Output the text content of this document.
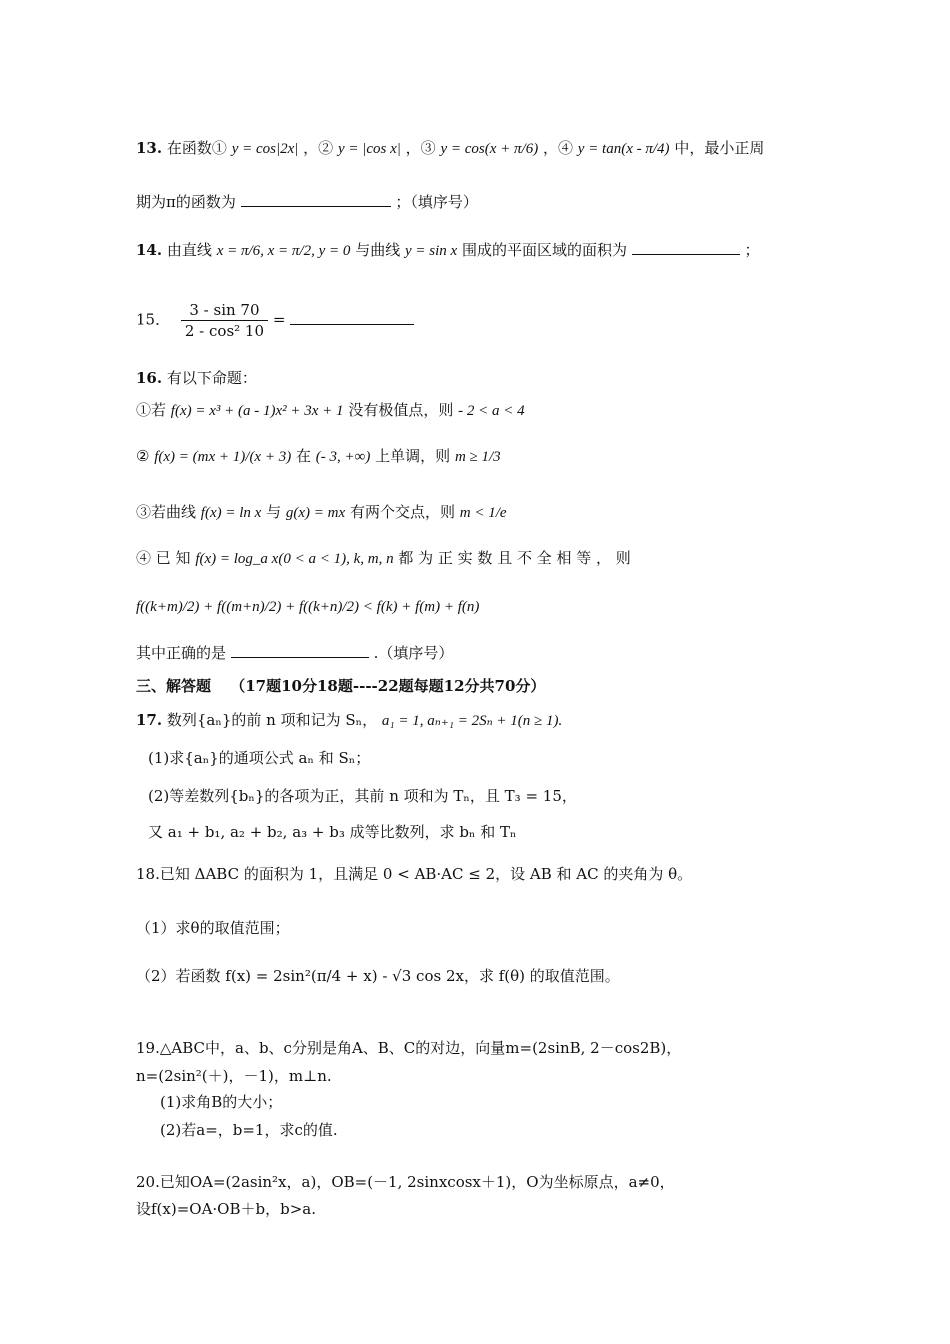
13. 在函数① y = cos|2x| ，② y = |cos x| ，③ y = cos(x + π/6) ，④ y = tan(x - π/4) 中，最小正周
期为π的函数为	；（填序号）
14. 由直线 x = π/6, x = π/2, y = 0 与曲线 y = sin x 围成的平面区域的面积为	；
15． $\frac{3 - \sin 70}{\text{2 - cos² 10}}$ =
16. 有以下命题：
①若 f(x) = x³ + (a - 1)x² + 3x + 1 没有极值点，则 - 2 < a < 4
② f(x) = (mx + 1)/(x + 3) 在 (- 3, +∞) 上单调，则 m ≥ 1/3
③若曲线 f(x) = ln x 与 g(x) = mx 有两个交点，则 m < 1/e
④ 已 知 f(x) = log_a x(0 < a < 1), k, m, n 都 为 正 实 数 且 不 全 相 等 ， 则
f((k+m)/2) + f((m+n)/2) + f((k+n)/2) < f(k) + f(m) + f(n)
其中正确的是	.（填序号）
三、解答题 （17题10分18题----22题每题12分共70分）
17. 数列{aₙ}的前 n 项和记为 Sₙ， a₁ = 1, aₙ₊₁ = 2Sₙ + 1(n ≥ 1).
(1)求{aₙ}的通项公式 aₙ 和 Sₙ；
(2)等差数列{bₙ}的各项为正，其前 n 项和为 Tₙ，且 T₃ = 15，
又 a₁ + b₁, a₂ + b₂, a₃ + b₃ 成等比数列，求 bₙ 和 Tₙ
18.已知 ΔABC 的面积为 1，且满足 0 < AB·AC ≤ 2，设 AB 和 AC 的夹角为 θ。
（1）求θ的取值范围；
（2）若函数 f(x) = 2sin²(π/4 + x) - √3 cos 2x，求 f(θ) 的取值范围。
19.△ABC中，a、b、c分别是角A、B、C的对边，向量m=(2sinB, 2－cos2B)，
n=(2sin²(＋)，－1)，m⊥n.
(1)求角B的大小；
(2)若a=，b=1，求c的值.
20.已知OA=(2asin²x，a)，OB=(－1, 2sinxcosx＋1)，O为坐标原点，a≠0，
设f(x)=OA·OB＋b，b>a.
